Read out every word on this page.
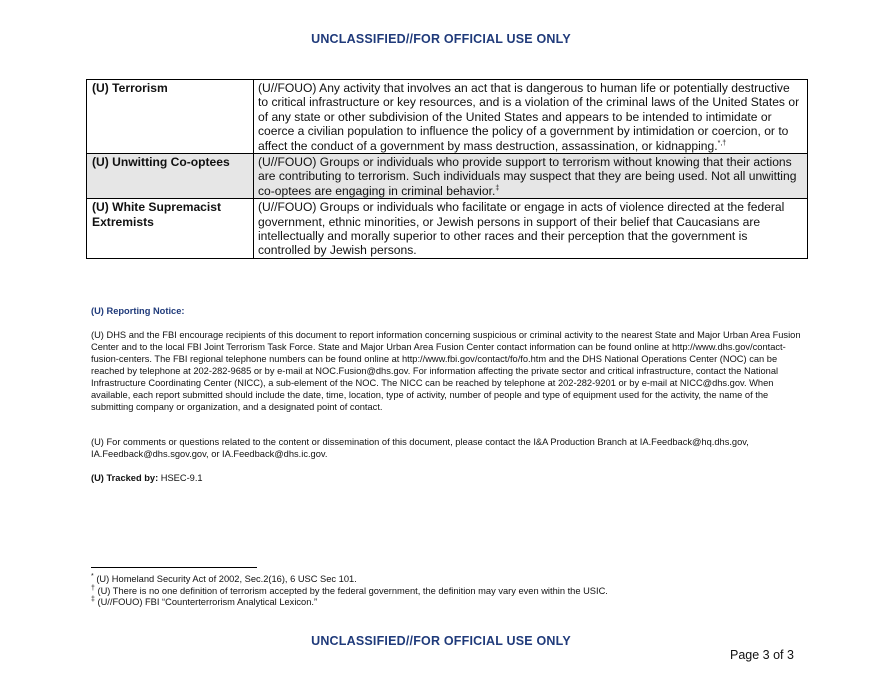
UNCLASSIFIED//FOR OFFICIAL USE ONLY
(U) Terrorism	(U//FOUO) Any activity that involves an act that is dangerous to human life or potentially destructive to critical infrastructure or key resources, and is a violation of the criminal laws of the United States or of any state or other subdivision of the United States and appears to be intended to intimidate or coerce a civilian population to influence the policy of a government by intimidation or coercion, or to affect the conduct of a government by mass destruction, assassination, or kidnapping.*,†
(U) Unwitting Co-optees	(U//FOUO) Groups or individuals who provide support to terrorism without knowing that their actions are contributing to terrorism. Such individuals may suspect that they are being used. Not all unwitting co-optees are engaging in criminal behavior.‡
(U) White Supremacist Extremists	(U//FOUO) Groups or individuals who facilitate or engage in acts of violence directed at the federal government, ethnic minorities, or Jewish persons in support of their belief that Caucasians are intellectually and morally superior to other races and their perception that the government is controlled by Jewish persons.
(U) Reporting Notice:
(U) DHS and the FBI encourage recipients of this document to report information concerning suspicious or criminal activity to the nearest State and Major Urban Area Fusion Center and to the local FBI Joint Terrorism Task Force. State and Major Urban Area Fusion Center contact information can be found online at http://www.dhs.gov/contact-fusion-centers. The FBI regional telephone numbers can be found online at http://www.fbi.gov/contact/fo/fo.htm and the DHS National Operations Center (NOC) can be reached by telephone at 202-282-9685 or by e-mail at NOC.Fusion@dhs.gov. For information affecting the private sector and critical infrastructure, contact the National Infrastructure Coordinating Center (NICC), a sub-element of the NOC. The NICC can be reached by telephone at 202-282-9201 or by e-mail at NICC@dhs.gov. When available, each report submitted should include the date, time, location, type of activity, number of people and type of equipment used for the activity, the name of the submitting company or organization, and a designated point of contact.
(U) For comments or questions related to the content or dissemination of this document, please contact the I&A Production Branch at IA.Feedback@hq.dhs.gov, IA.Feedback@dhs.sgov.gov, or IA.Feedback@dhs.ic.gov.
(U) Tracked by: HSEC-9.1
* (U) Homeland Security Act of 2002, Sec.2(16), 6 USC Sec 101.
† (U) There is no one definition of terrorism accepted by the federal government, the definition may vary even within the USIC.
‡ (U//FOUO) FBI “Counterterrorism Analytical Lexicon.”
UNCLASSIFIED//FOR OFFICIAL USE ONLY
Page 3 of 3
